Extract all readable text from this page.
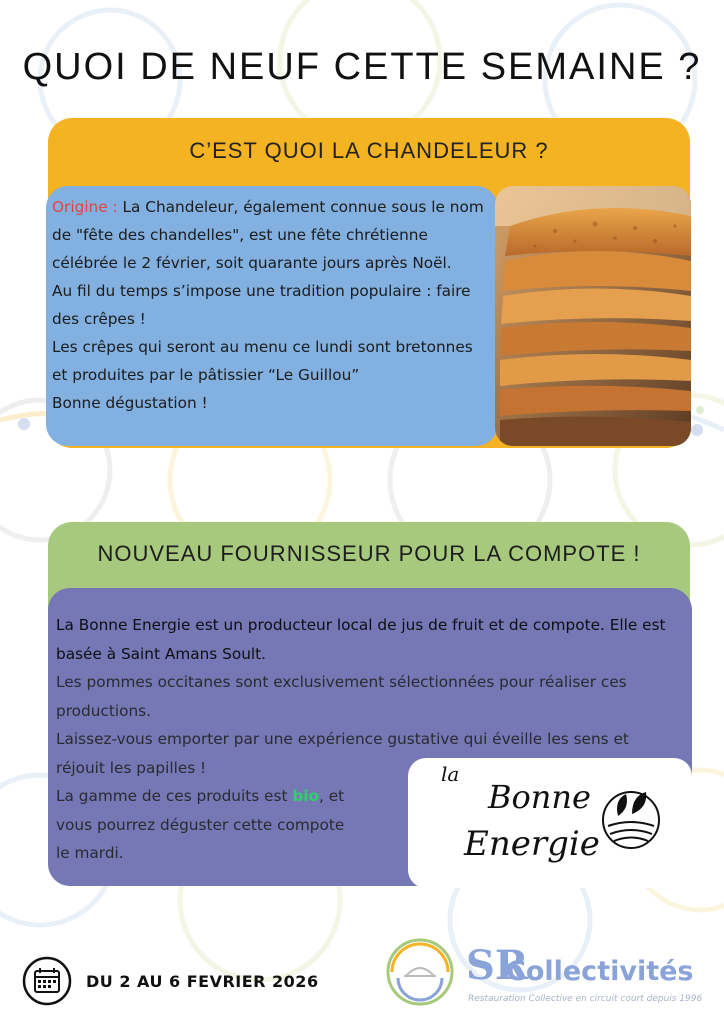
QUOI DE NEUF CETTE SEMAINE ?
C’EST QUOI LA CHANDELEUR ?

Origine : La Chandeleur, également connue sous le nom de "fête des chandelles", est une fête chrétienne célébrée le 2 février, soit quarante jours après Noël.

Au fil du temps s’impose une tradition populaire : faire des crêpes !

Les crêpes qui seront au menu ce lundi sont bretonnes et produites par le pâtissier “Le Guillou”

Bonne dégustation !

NOUVEAU FOURNISSEUR POUR LA COMPOTE !

La Bonne Energie est un producteur local de jus de fruit et de compote. Elle est basée à Saint Amans Soult.

Les pommes occitanes sont exclusivement sélectionnées pour réaliser ces productions.

Laissez-vous emporter par une expérience gustative qui éveille les sens et réjouit les papilles !

La gamme de ces produits est bio, et

vous pourrez déguster cette compote

le mardi.

la
Bonne
Energie
DU 2 AU 6 FEVRIER 2026	SR
Collectivités
Restauration Collective en circuit court depuis 1996
